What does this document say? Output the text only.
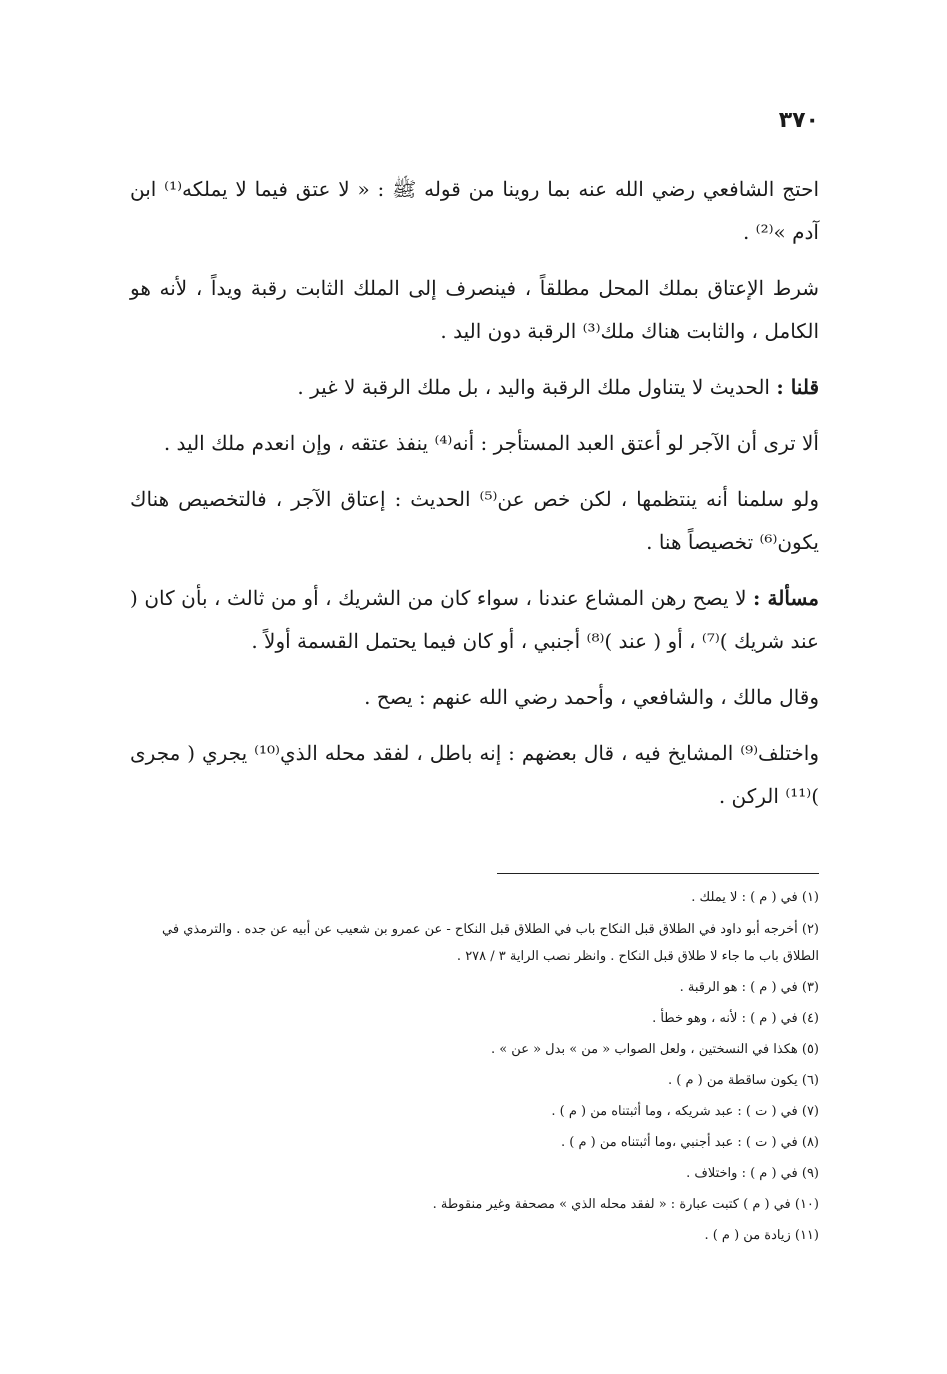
٣٧٠

احتج الشافعي رضي الله عنه بما روينا من قوله ﷺ : « لا عتق فيما لا يملكه⁽¹⁾ ابن آدم »⁽²⁾ .

شرط الإعتاق بملك المحل مطلقاً ، فينصرف إلى الملك الثابت رقبة ويداً ، لأنه هو الكامل ، والثابت هناك ملك⁽³⁾ الرقبة دون اليد .

قلنا : الحديث لا يتناول ملك الرقبة واليد ، بل ملك الرقبة لا غير .

ألا ترى أن الآجر لو أعتق العبد المستأجر : أنه⁽⁴⁾ ينفذ عتقه ، وإن انعدم ملك اليد .

ولو سلمنا أنه ينتظمها ، لكن خص عن⁽⁵⁾ الحديث : إعتاق الآجر ، فالتخصيص هناك يكون⁽⁶⁾ تخصيصاً هنا .

مسألة : لا يصح رهن المشاع عندنا ، سواء كان من الشريك ، أو من ثالث ، بأن كان ( عند شريك )⁽⁷⁾ ، أو ( عند )⁽⁸⁾ أجنبي ، أو كان فيما يحتمل القسمة أولاً .

وقال مالك ، والشافعي ، وأحمد رضي الله عنهم : يصح .

واختلف⁽⁹⁾ المشايخ فيه ، قال بعضهم : إنه باطل ، لفقد محله الذي⁽¹⁰⁾ يجري ( مجرى )⁽¹¹⁾ الركن .

(١) في ( م ) : لا يملك .

(٢) أخرجه أبو داود في الطلاق قبل النكاح باب في الطلاق قبل النكاح - عن عمرو بن شعيب عن أبيه عن جده . والترمذي في الطلاق باب ما جاء لا طلاق قبل النكاح . وانظر نصب الراية ٣ / ٢٧٨ .

(٣) في ( م ) : هو الرقبة .

(٤) في ( م ) : لأنه ، وهو خطأ .

(٥) هكذا في النسختين ، ولعل الصواب « من » بدل « عن » .

(٦) يكون ساقطة من ( م ) .

(٧) في ( ت ) : عبد شريكه ، وما أثبتناه من ( م ) .

(٨) في ( ت ) : عبد أجنبي ،وما أثبتناه من ( م ) .

(٩) في ( م ) : واختلاف .

(١٠) في ( م ) كتبت عبارة : « لفقد محله الذي » مصحفة وغير منقوطة .

(١١) زيادة من ( م ) .
